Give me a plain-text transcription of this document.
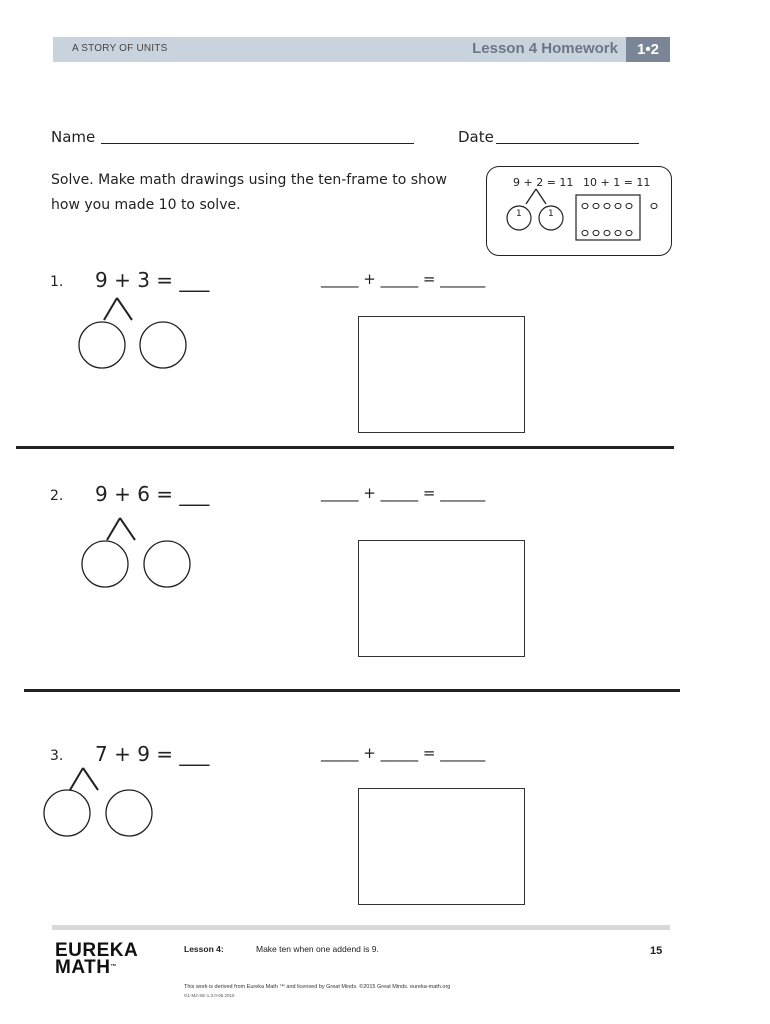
A STORY OF UNITS	Lesson 4 Homework	1•2
Name	Date
Solve. Make math drawings using the ten-frame to show
how you made 10 to solve.
9 + 2 = 11 10 + 1 = 11
1	1
1. 9 + 3 = ___	_____ + _____ = ______
2. 9 + 6 = ___	_____ + _____ = ______
3. 7 + 9 = ___	_____ + _____ = ______
EUREKA
MATH™
Lesson 4:	Make ten when one addend is 9.	15
This work is derived from Eureka Math ™ and licensed by Great Minds. ©2015 Great Minds. eureka-math.org
G1-M2-SE-1.3.0-05.2015
